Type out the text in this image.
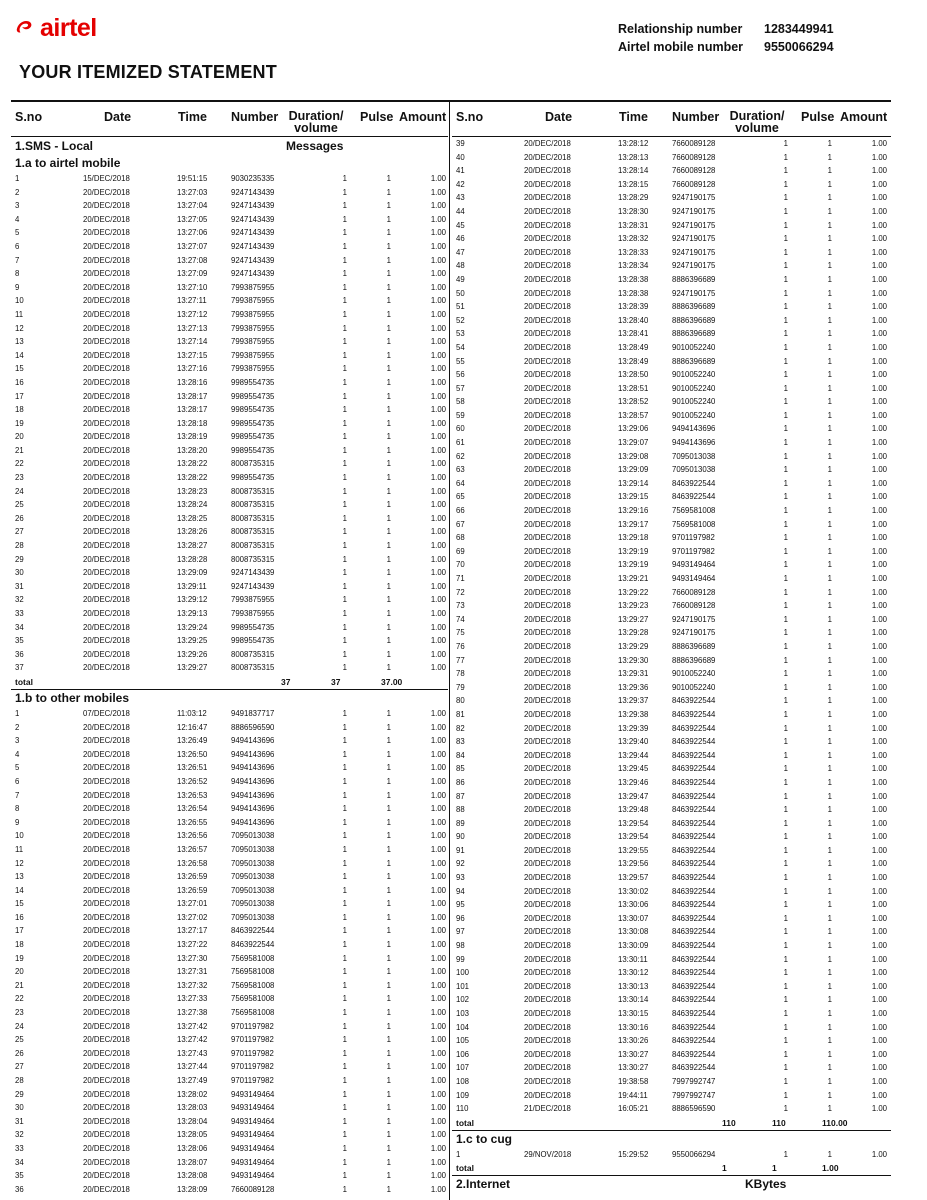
airtel	Relationship number 1283449941
Airtel mobile number 9550066294
YOUR ITEMIZED STATEMENT
S.no	Date	Time Number Duration/
volume
Pulse Amount
1.SMS - Local	Messages
1.a to airtel mobile
1	15/DEC/2018	19:51:15	9030235335	1	1	1.00
2	20/DEC/2018	13:27:03	9247143439	1	1	1.00
3	20/DEC/2018	13:27:04	9247143439	1	1	1.00
4	20/DEC/2018	13:27:05	9247143439	1	1	1.00
5	20/DEC/2018	13:27:06	9247143439	1	1	1.00
6	20/DEC/2018	13:27:07	9247143439	1	1	1.00
7	20/DEC/2018	13:27:08	9247143439	1	1	1.00
8	20/DEC/2018	13:27:09	9247143439	1	1	1.00
9	20/DEC/2018	13:27:10	7993875955	1	1	1.00
10	20/DEC/2018	13:27:11	7993875955	1	1	1.00
11	20/DEC/2018	13:27:12	7993875955	1	1	1.00
12	20/DEC/2018	13:27:13	7993875955	1	1	1.00
13	20/DEC/2018	13:27:14	7993875955	1	1	1.00
14	20/DEC/2018	13:27:15	7993875955	1	1	1.00
15	20/DEC/2018	13:27:16	7993875955	1	1	1.00
16	20/DEC/2018	13:28:16	9989554735	1	1	1.00
17	20/DEC/2018	13:28:17	9989554735	1	1	1.00
18	20/DEC/2018	13:28:17	9989554735	1	1	1.00
19	20/DEC/2018	13:28:18	9989554735	1	1	1.00
20	20/DEC/2018	13:28:19	9989554735	1	1	1.00
21	20/DEC/2018	13:28:20	9989554735	1	1	1.00
22	20/DEC/2018	13:28:22	8008735315	1	1	1.00
23	20/DEC/2018	13:28:22	9989554735	1	1	1.00
24	20/DEC/2018	13:28:23	8008735315	1	1	1.00
25	20/DEC/2018	13:28:24	8008735315	1	1	1.00
26	20/DEC/2018	13:28:25	8008735315	1	1	1.00
27	20/DEC/2018	13:28:26	8008735315	1	1	1.00
28	20/DEC/2018	13:28:27	8008735315	1	1	1.00
29	20/DEC/2018	13:28:28	8008735315	1	1	1.00
30	20/DEC/2018	13:29:09	9247143439	1	1	1.00
31	20/DEC/2018	13:29:11	9247143439	1	1	1.00
32	20/DEC/2018	13:29:12	7993875955	1	1	1.00
33	20/DEC/2018	13:29:13	7993875955	1	1	1.00
34	20/DEC/2018	13:29:24	9989554735	1	1	1.00
35	20/DEC/2018	13:29:25	9989554735	1	1	1.00
36	20/DEC/2018	13:29:26	8008735315	1	1	1.00
37	20/DEC/2018	13:29:27	8008735315	1	1	1.00
total	37	37	37.00
1.b to other mobiles
1	07/DEC/2018	11:03:12	9491837717	1	1	1.00
2	20/DEC/2018	12:16:47	8886596590	1	1	1.00
3	20/DEC/2018	13:26:49	9494143696	1	1	1.00
4	20/DEC/2018	13:26:50	9494143696	1	1	1.00
5	20/DEC/2018	13:26:51	9494143696	1	1	1.00
6	20/DEC/2018	13:26:52	9494143696	1	1	1.00
7	20/DEC/2018	13:26:53	9494143696	1	1	1.00
8	20/DEC/2018	13:26:54	9494143696	1	1	1.00
9	20/DEC/2018	13:26:55	9494143696	1	1	1.00
10	20/DEC/2018	13:26:56	7095013038	1	1	1.00
11	20/DEC/2018	13:26:57	7095013038	1	1	1.00
12	20/DEC/2018	13:26:58	7095013038	1	1	1.00
13	20/DEC/2018	13:26:59	7095013038	1	1	1.00
14	20/DEC/2018	13:26:59	7095013038	1	1	1.00
15	20/DEC/2018	13:27:01	7095013038	1	1	1.00
16	20/DEC/2018	13:27:02	7095013038	1	1	1.00
17	20/DEC/2018	13:27:17	8463922544	1	1	1.00
18	20/DEC/2018	13:27:22	8463922544	1	1	1.00
19	20/DEC/2018	13:27:30	7569581008	1	1	1.00
20	20/DEC/2018	13:27:31	7569581008	1	1	1.00
21	20/DEC/2018	13:27:32	7569581008	1	1	1.00
22	20/DEC/2018	13:27:33	7569581008	1	1	1.00
23	20/DEC/2018	13:27:38	7569581008	1	1	1.00
24	20/DEC/2018	13:27:42	9701197982	1	1	1.00
25	20/DEC/2018	13:27:42	9701197982	1	1	1.00
26	20/DEC/2018	13:27:43	9701197982	1	1	1.00
27	20/DEC/2018	13:27:44	9701197982	1	1	1.00
28	20/DEC/2018	13:27:49	9701197982	1	1	1.00
29	20/DEC/2018	13:28:02	9493149464	1	1	1.00
30	20/DEC/2018	13:28:03	9493149464	1	1	1.00
31	20/DEC/2018	13:28:04	9493149464	1	1	1.00
32	20/DEC/2018	13:28:05	9493149464	1	1	1.00
33	20/DEC/2018	13:28:06	9493149464	1	1	1.00
34	20/DEC/2018	13:28:07	9493149464	1	1	1.00
35	20/DEC/2018	13:28:08	9493149464	1	1	1.00
36	20/DEC/2018	13:28:09	7660089128	1	1	1.00
S.no	Date	Time Number Duration/
volume
Pulse Amount
39	20/DEC/2018	13:28:12	7660089128	1	1	1.00
40	20/DEC/2018	13:28:13	7660089128	1	1	1.00
41	20/DEC/2018	13:28:14	7660089128	1	1	1.00
42	20/DEC/2018	13:28:15	7660089128	1	1	1.00
43	20/DEC/2018	13:28:29	9247190175	1	1	1.00
44	20/DEC/2018	13:28:30	9247190175	1	1	1.00
45	20/DEC/2018	13:28:31	9247190175	1	1	1.00
46	20/DEC/2018	13:28:32	9247190175	1	1	1.00
47	20/DEC/2018	13:28:33	9247190175	1	1	1.00
48	20/DEC/2018	13:28:34	9247190175	1	1	1.00
49	20/DEC/2018	13:28:38	8886396689	1	1	1.00
50	20/DEC/2018	13:28:38	9247190175	1	1	1.00
51	20/DEC/2018	13:28:39	8886396689	1	1	1.00
52	20/DEC/2018	13:28:40	8886396689	1	1	1.00
53	20/DEC/2018	13:28:41	8886396689	1	1	1.00
54	20/DEC/2018	13:28:49	9010052240	1	1	1.00
55	20/DEC/2018	13:28:49	8886396689	1	1	1.00
56	20/DEC/2018	13:28:50	9010052240	1	1	1.00
57	20/DEC/2018	13:28:51	9010052240	1	1	1.00
58	20/DEC/2018	13:28:52	9010052240	1	1	1.00
59	20/DEC/2018	13:28:57	9010052240	1	1	1.00
60	20/DEC/2018	13:29:06	9494143696	1	1	1.00
61	20/DEC/2018	13:29:07	9494143696	1	1	1.00
62	20/DEC/2018	13:29:08	7095013038	1	1	1.00
63	20/DEC/2018	13:29:09	7095013038	1	1	1.00
64	20/DEC/2018	13:29:14	8463922544	1	1	1.00
65	20/DEC/2018	13:29:15	8463922544	1	1	1.00
66	20/DEC/2018	13:29:16	7569581008	1	1	1.00
67	20/DEC/2018	13:29:17	7569581008	1	1	1.00
68	20/DEC/2018	13:29:18	9701197982	1	1	1.00
69	20/DEC/2018	13:29:19	9701197982	1	1	1.00
70	20/DEC/2018	13:29:19	9493149464	1	1	1.00
71	20/DEC/2018	13:29:21	9493149464	1	1	1.00
72	20/DEC/2018	13:29:22	7660089128	1	1	1.00
73	20/DEC/2018	13:29:23	7660089128	1	1	1.00
74	20/DEC/2018	13:29:27	9247190175	1	1	1.00
75	20/DEC/2018	13:29:28	9247190175	1	1	1.00
76	20/DEC/2018	13:29:29	8886396689	1	1	1.00
77	20/DEC/2018	13:29:30	8886396689	1	1	1.00
78	20/DEC/2018	13:29:31	9010052240	1	1	1.00
79	20/DEC/2018	13:29:36	9010052240	1	1	1.00
80	20/DEC/2018	13:29:37	8463922544	1	1	1.00
81	20/DEC/2018	13:29:38	8463922544	1	1	1.00
82	20/DEC/2018	13:29:39	8463922544	1	1	1.00
83	20/DEC/2018	13:29:40	8463922544	1	1	1.00
84	20/DEC/2018	13:29:44	8463922544	1	1	1.00
85	20/DEC/2018	13:29:45	8463922544	1	1	1.00
86	20/DEC/2018	13:29:46	8463922544	1	1	1.00
87	20/DEC/2018	13:29:47	8463922544	1	1	1.00
88	20/DEC/2018	13:29:48	8463922544	1	1	1.00
89	20/DEC/2018	13:29:54	8463922544	1	1	1.00
90	20/DEC/2018	13:29:54	8463922544	1	1	1.00
91	20/DEC/2018	13:29:55	8463922544	1	1	1.00
92	20/DEC/2018	13:29:56	8463922544	1	1	1.00
93	20/DEC/2018	13:29:57	8463922544	1	1	1.00
94	20/DEC/2018	13:30:02	8463922544	1	1	1.00
95	20/DEC/2018	13:30:06	8463922544	1	1	1.00
96	20/DEC/2018	13:30:07	8463922544	1	1	1.00
97	20/DEC/2018	13:30:08	8463922544	1	1	1.00
98	20/DEC/2018	13:30:09	8463922544	1	1	1.00
99	20/DEC/2018	13:30:11	8463922544	1	1	1.00
100	20/DEC/2018	13:30:12	8463922544	1	1	1.00
101	20/DEC/2018	13:30:13	8463922544	1	1	1.00
102	20/DEC/2018	13:30:14	8463922544	1	1	1.00
103	20/DEC/2018	13:30:15	8463922544	1	1	1.00
104	20/DEC/2018	13:30:16	8463922544	1	1	1.00
105	20/DEC/2018	13:30:26	8463922544	1	1	1.00
106	20/DEC/2018	13:30:27	8463922544	1	1	1.00
107	20/DEC/2018	13:30:27	8463922544	1	1	1.00
108	20/DEC/2018	19:38:58	7997992747	1	1	1.00
109	20/DEC/2018	19:44:11	7997992747	1	1	1.00
110	21/DEC/2018	16:05:21	8886596590	1	1	1.00
total	110	110	110.00
1.c to cug
1	29/NOV/2018	15:29:52	9550066294	1	1	1.00
total	1	1	1.00
2.Internet	KBytes
